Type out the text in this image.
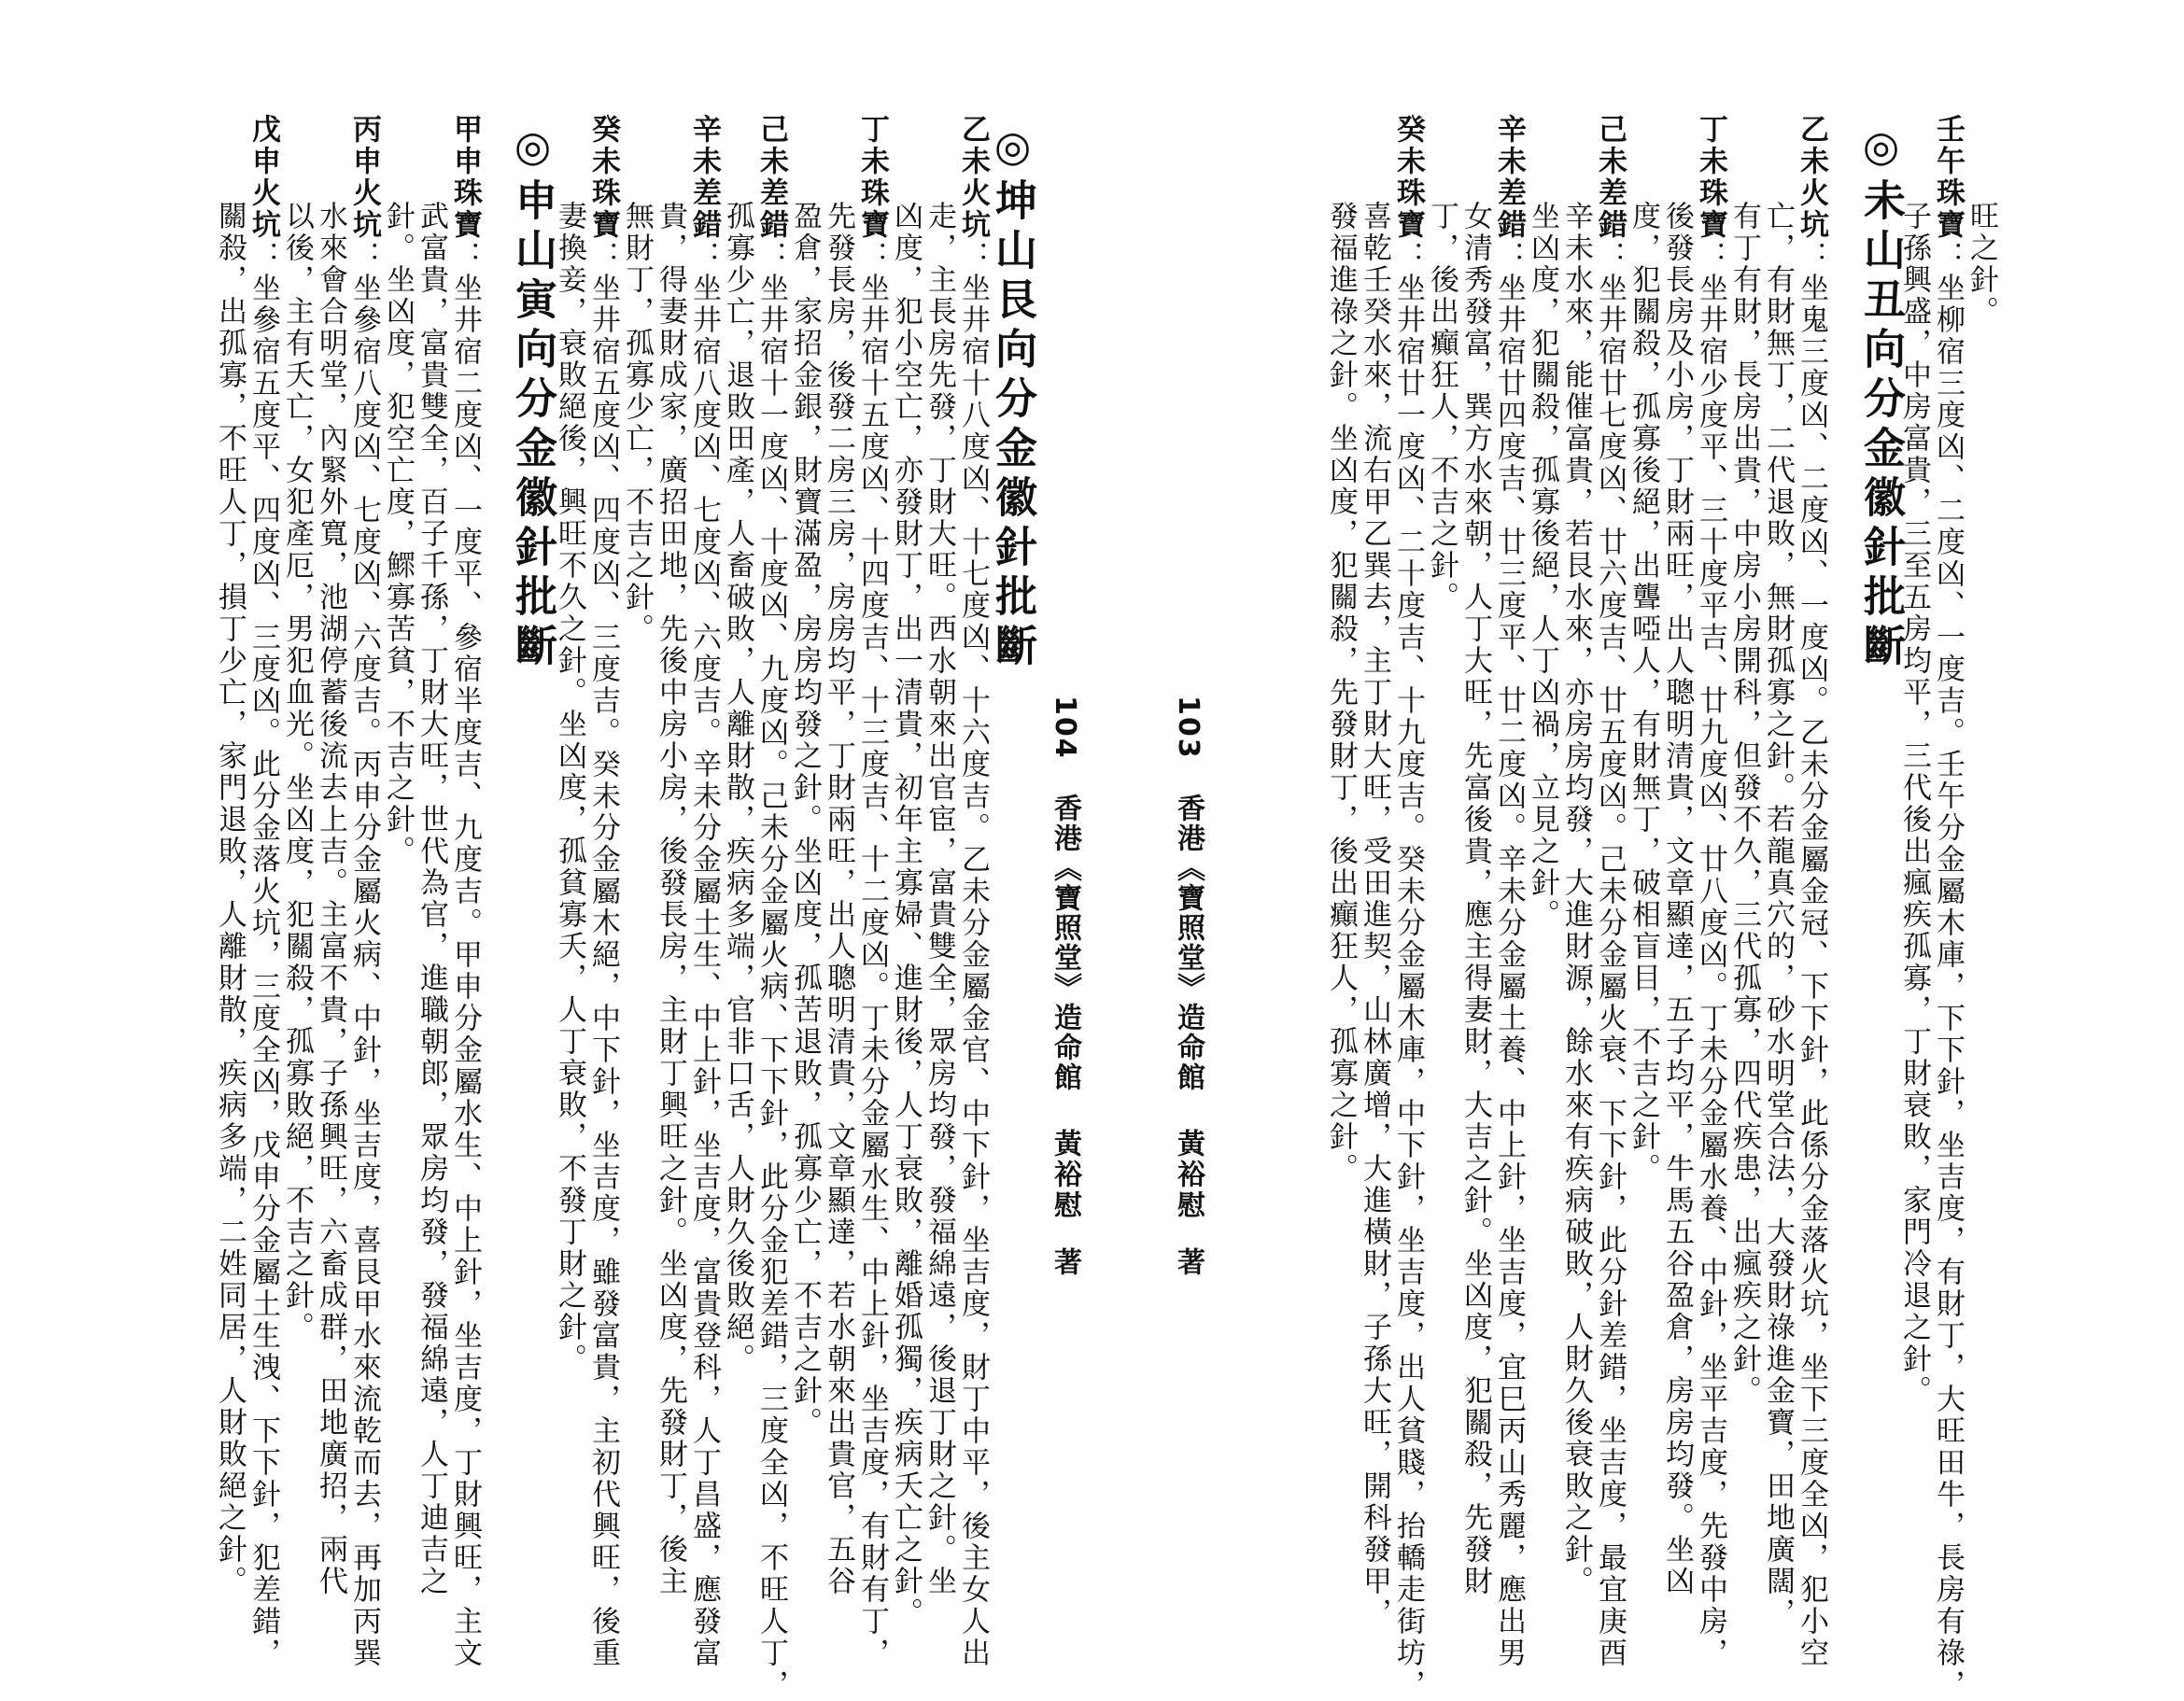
旺之針。
壬午珠寶：坐柳宿三度凶、二度凶、一度吉。壬午分金屬木庫，下下針，坐吉度，有財丁，大旺田牛，長房有祿，
子孫興盛，中房富貴，三至五房均平，三代後出瘋疾孤寡，丁財衰敗，家門冷退之針。
◎未山丑向分金徽針批斷
乙未火坑：坐鬼三度凶、二度凶、一度凶。乙未分金屬金冠、下下針，此係分金落火坑，坐下三度全凶，犯小空
亡，有財無丁，二代退敗，無財孤寡之針。若龍真穴的，砂水明堂合法，大發財祿進金寶，田地廣闊，
有丁有財，長房出貴，中房小房開科，但發不久，三代孤寡，四代疾患，出瘋疾之針。
丁未珠寶：坐井宿少度平、三十度平吉、廿九度凶、廿八度凶。丁未分金屬水養、中針，坐平吉度，先發中房，
後發長房及小房，丁財兩旺，出人聰明清貴，文章顯達，五子均平，牛馬五谷盈倉，房房均發。坐凶
度，犯關殺，孤寡後絕，出聾啞人，有財無丁，破相盲目，不吉之針。
己未差錯：坐井宿廿七度凶、廿六度吉、廿五度凶。己未分金屬火衰、下下針，此分針差錯，坐吉度，最宜庚酉
辛未水來，能催富貴，若艮水來，亦房房均發，大進財源，餘水來有疾病破敗，人財久後衰敗之針。
坐凶度，犯關殺，孤寡後絕，人丁凶禍，立見之針。
辛未差錯：坐井宿廿四度吉、廿三度平、廿二度凶。辛未分金屬土養、中上針，坐吉度，宜巳丙山秀麗，應出男
女清秀發富，巽方水來朝，人丁大旺，先富後貴，應主得妻財，大吉之針。坐凶度，犯關殺，先發財
丁，後出癲狂人，不吉之針。
癸未珠寶：坐井宿廿一度凶、二十度吉、十九度吉。癸未分金屬木庫，中下針，坐吉度，出人貧賤，抬轎走街坊，
喜乾壬癸水來，流右甲乙巽去，主丁財大旺，受田進契，山林廣增，大進橫財，子孫大旺，開科發甲，
發福進祿之針。坐凶度，犯關殺，先發財丁，後出癲狂人，孤寡之針。
103 香港《寶照堂》造命館 黃裕慰 著
104 香港《寶照堂》造命館 黃裕慰 著
◎坤山艮向分金徽針批斷
乙未火坑：坐井宿十八度凶、十七度凶、十六度吉。乙未分金屬金官、中下針，坐吉度，財丁中平，後主女人出
走，主長房先發，丁財大旺。西水朝來出官宦，富貴雙全，眾房均發，發福綿遠，後退丁財之針。坐
凶度，犯小空亡，亦發財丁，出一清貴，初年主寡婦、進財後，人丁衰敗，離婚孤獨，疾病夭亡之針。
丁未珠寶：坐井宿十五度凶、十四度吉、十三度吉、十二度凶。丁未分金屬水生、中上針，坐吉度，有財有丁，
先發長房，後發二房三房，房房均平，丁財兩旺，出人聰明清貴，文章顯達，若水朝來出貴官，五谷
盈倉，家招金銀，財寶滿盈，房房均發之針。坐凶度，孤苦退敗，孤寡少亡，不吉之針。
己未差錯：坐井宿十一度凶、十度凶、九度凶。己未分金屬火病、下下針，此分金犯差錯，三度全凶，不旺人丁，
孤寡少亡，退敗田產，人畜破敗，人離財散，疾病多端，官非口舌，人財久後敗絕。
辛未差錯：坐井宿八度凶、七度凶、六度吉。辛未分金屬土生、中上針，坐吉度，富貴登科，人丁昌盛，應發富
貴，得妻財成家，廣招田地，先後中房小房，後發長房，主財丁興旺之針。坐凶度，先發財丁，後主
無財丁，孤寡少亡，不吉之針。
癸未珠寶：坐井宿五度凶、四度凶、三度吉。癸未分金屬木絕，中下針，坐吉度，雖發富貴，主初代興旺，後重
妻換妾，衰敗絕後，興旺不久之針。坐凶度，孤貧寡夭，人丁衰敗，不發丁財之針。
◎申山寅向分金徽針批斷
甲申珠寶：坐井宿二度凶、一度平、參宿半度吉、九度吉。甲申分金屬水生、中上針，坐吉度，丁財興旺，主文
武富貴，富貴雙全，百子千孫，丁財大旺，世代為官，進職朝郎，眾房均發，發福綿遠，人丁迪吉之
針。坐凶度，犯空亡度，鰥寡苦貧，不吉之針。
丙申火坑：坐參宿八度凶、七度凶、六度吉。丙申分金屬火病、中針，坐吉度，喜艮甲水來流乾而去，再加丙巽
水來會合明堂，內緊外寬，池湖停蓄後流去上吉。主富不貴，子孫興旺，六畜成群，田地廣招，兩代
以後，主有夭亡，女犯產厄，男犯血光。坐凶度，犯關殺，孤寡敗絕，不吉之針。
戊申火坑：坐參宿五度平、四度凶、三度凶。此分金落火坑，三度全凶，戊申分金屬土生洩、下下針，犯差錯，
關殺，出孤寡，不旺人丁，損丁少亡，家門退敗，人離財散，疾病多端，二姓同居，人財敗絕之針。
